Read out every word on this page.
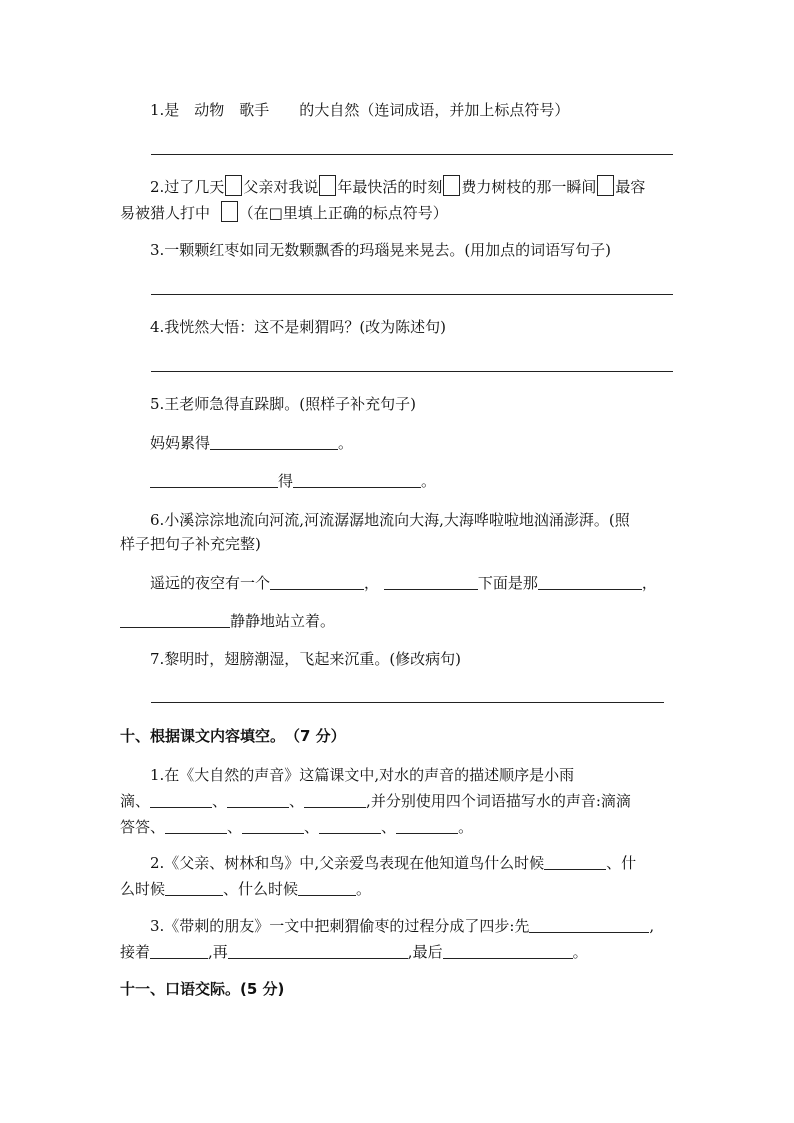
1.是　动物　歌手　　的大自然（连词成语，并加上标点符号）
2.过了几天 父亲对我说 年最快活的时刻 费力树枝的那一瞬间 最容
易被猎人打中 （在□里填上正确的标点符号）
3.一颗颗红枣如同无数颗飘香的玛瑙晃来晃去。(用加点的词语写句子)
4.我恍然大悟：这不是刺猬吗？(改为陈述句)
5.王老师急得直跺脚。(照样子补充句子)
妈妈累得	。
得	。
6.小溪淙淙地流向河流,河流潺潺地流向大海,大海哗啦啦地汹涌澎湃。(照
样子把句子补充完整)
遥远的夜空有一个	，	下面是那	，
静静地站立着。
7.黎明时，翅膀潮湿，飞起来沉重。(修改病句)
十、根据课文内容填空。　（7 分）
1.在《大自然的声音》这篇课文中,对水的声音的描述顺序是小雨
滴、	、	、	,并分别使用四个词语描写水的声音:滴滴
答答、	、	、	、	。
2.《父亲、树林和鸟》中,父亲爱鸟表现在他知道鸟什么时候	、什
么时候	、什么时候	。
3.《带刺的朋友》一文中把刺猬偷枣的过程分成了四步:先	,
接着	,再	,最后	。
十一、口语交际。(5 分)
